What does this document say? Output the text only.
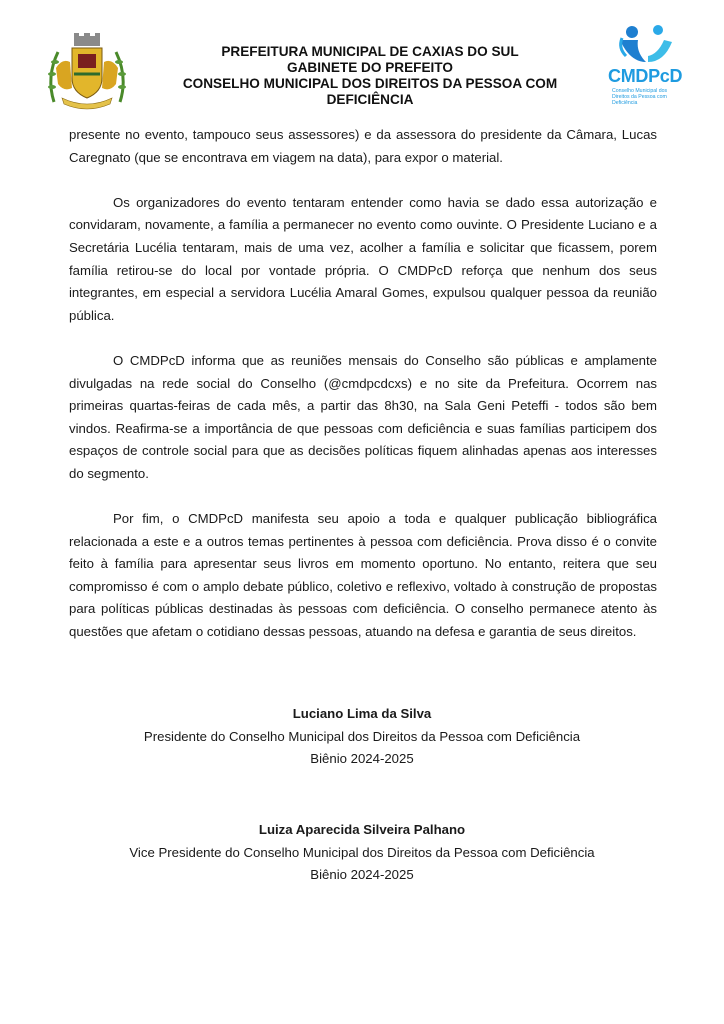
PREFEITURA MUNICIPAL DE CAXIAS DO SUL
GABINETE DO PREFEITO
CONSELHO MUNICIPAL DOS DIREITOS DA PESSOA COM
DEFICIÊNCIA
CMDPcD
Conselho Municipal dos Direitos da Pessoa com Deficiência

presente no evento, tampouco seus assessores) e da assessora do presidente da Câmara, Lucas Caregnato (que se encontrava em viagem na data), para expor o material.

Os organizadores do evento tentaram entender como havia se dado essa autorização e convidaram, novamente, a família a permanecer no evento como ouvinte. O Presidente Luciano e a Secretária Lucélia tentaram, mais de uma vez, acolher a família e solicitar que ficassem, porem família retirou-se do local por vontade própria. O CMDPcD reforça que nenhum dos seus integrantes, em especial a servidora Lucélia Amaral Gomes, expulsou qualquer pessoa da reunião pública.

O CMDPcD informa que as reuniões mensais do Conselho são públicas e amplamente divulgadas na rede social do Conselho (@cmdpcdcxs) e no site da Prefeitura. Ocorrem nas primeiras quartas-feiras de cada mês, a partir das 8h30, na Sala Geni Peteffi - todos são bem vindos. Reafirma-se a importância de que pessoas com deficiência e suas famílias participem dos espaços de controle social para que as decisões políticas fiquem alinhadas apenas aos interesses do segmento.

Por fim, o CMDPcD manifesta seu apoio a toda e qualquer publicação bibliográfica relacionada a este e a outros temas pertinentes à pessoa com deficiência. Prova disso é o convite feito à família para apresentar seus livros em momento oportuno. No entanto, reitera que seu compromisso é com o amplo debate público, coletivo e reflexivo, voltado à construção de propostas para políticas públicas destinadas às pessoas com deficiência. O conselho permanece atento às questões que afetam o cotidiano dessas pessoas, atuando na defesa e garantia de seus direitos.

Luciano Lima da Silva
Presidente do Conselho Municipal dos Direitos da Pessoa com Deficiência
Biênio 2024-2025
Luiza Aparecida Silveira Palhano
Vice Presidente do Conselho Municipal dos Direitos da Pessoa com Deficiência
Biênio 2024-2025
